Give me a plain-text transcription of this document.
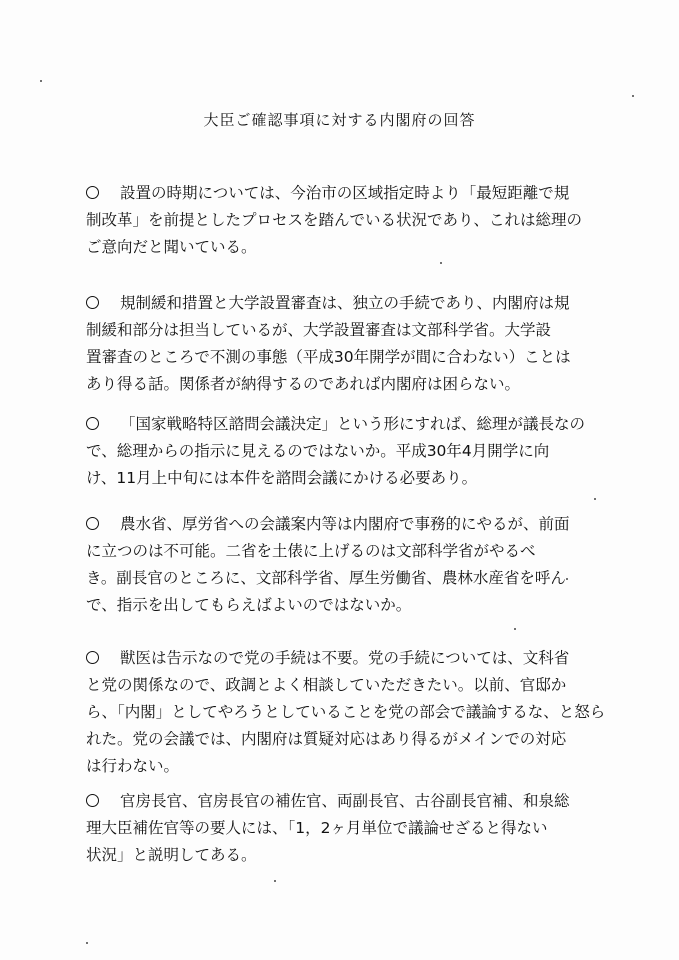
大臣ご確認事項に対する内閣府の回答
設置の時期については、今治市の区域指定時より「最短距離で規
制改革」を前提としたプロセスを踏んでいる状況であり、これは総理の
ご意向だと聞いている。
規制緩和措置と大学設置審査は、独立の手続であり、内閣府は規
制緩和部分は担当しているが、大学設置審査は文部科学省。大学設
置審査のところで不測の事態（平成30年開学が間に合わない）ことは
あり得る話。関係者が納得するのであれば内閣府は困らない。
「国家戦略特区諮問会議決定」という形にすれば、総理が議長なの
で、総理からの指示に見えるのではないか。平成30年4月開学に向
け、11月上中旬には本件を諮問会議にかける必要あり。
農水省、厚労省への会議案内等は内閣府で事務的にやるが、前面
に立つのは不可能。二省を土俵に上げるのは文部科学省がやるべ
き。副長官のところに、文部科学省、厚生労働省、農林水産省を呼ん
で、指示を出してもらえばよいのではないか。
獣医は告示なので党の手続は不要。党の手続については、文科省
と党の関係なので、政調とよく相談していただきたい。以前、官邸か
ら、「内閣」としてやろうとしていることを党の部会で議論するな、と怒ら
れた。党の会議では、内閣府は質疑対応はあり得るがメインでの対応
は行わない。
官房長官、官房長官の補佐官、両副長官、古谷副長官補、和泉総
理大臣補佐官等の要人には、「1，2ヶ月単位で議論せざると得ない
状況」と説明してある。
